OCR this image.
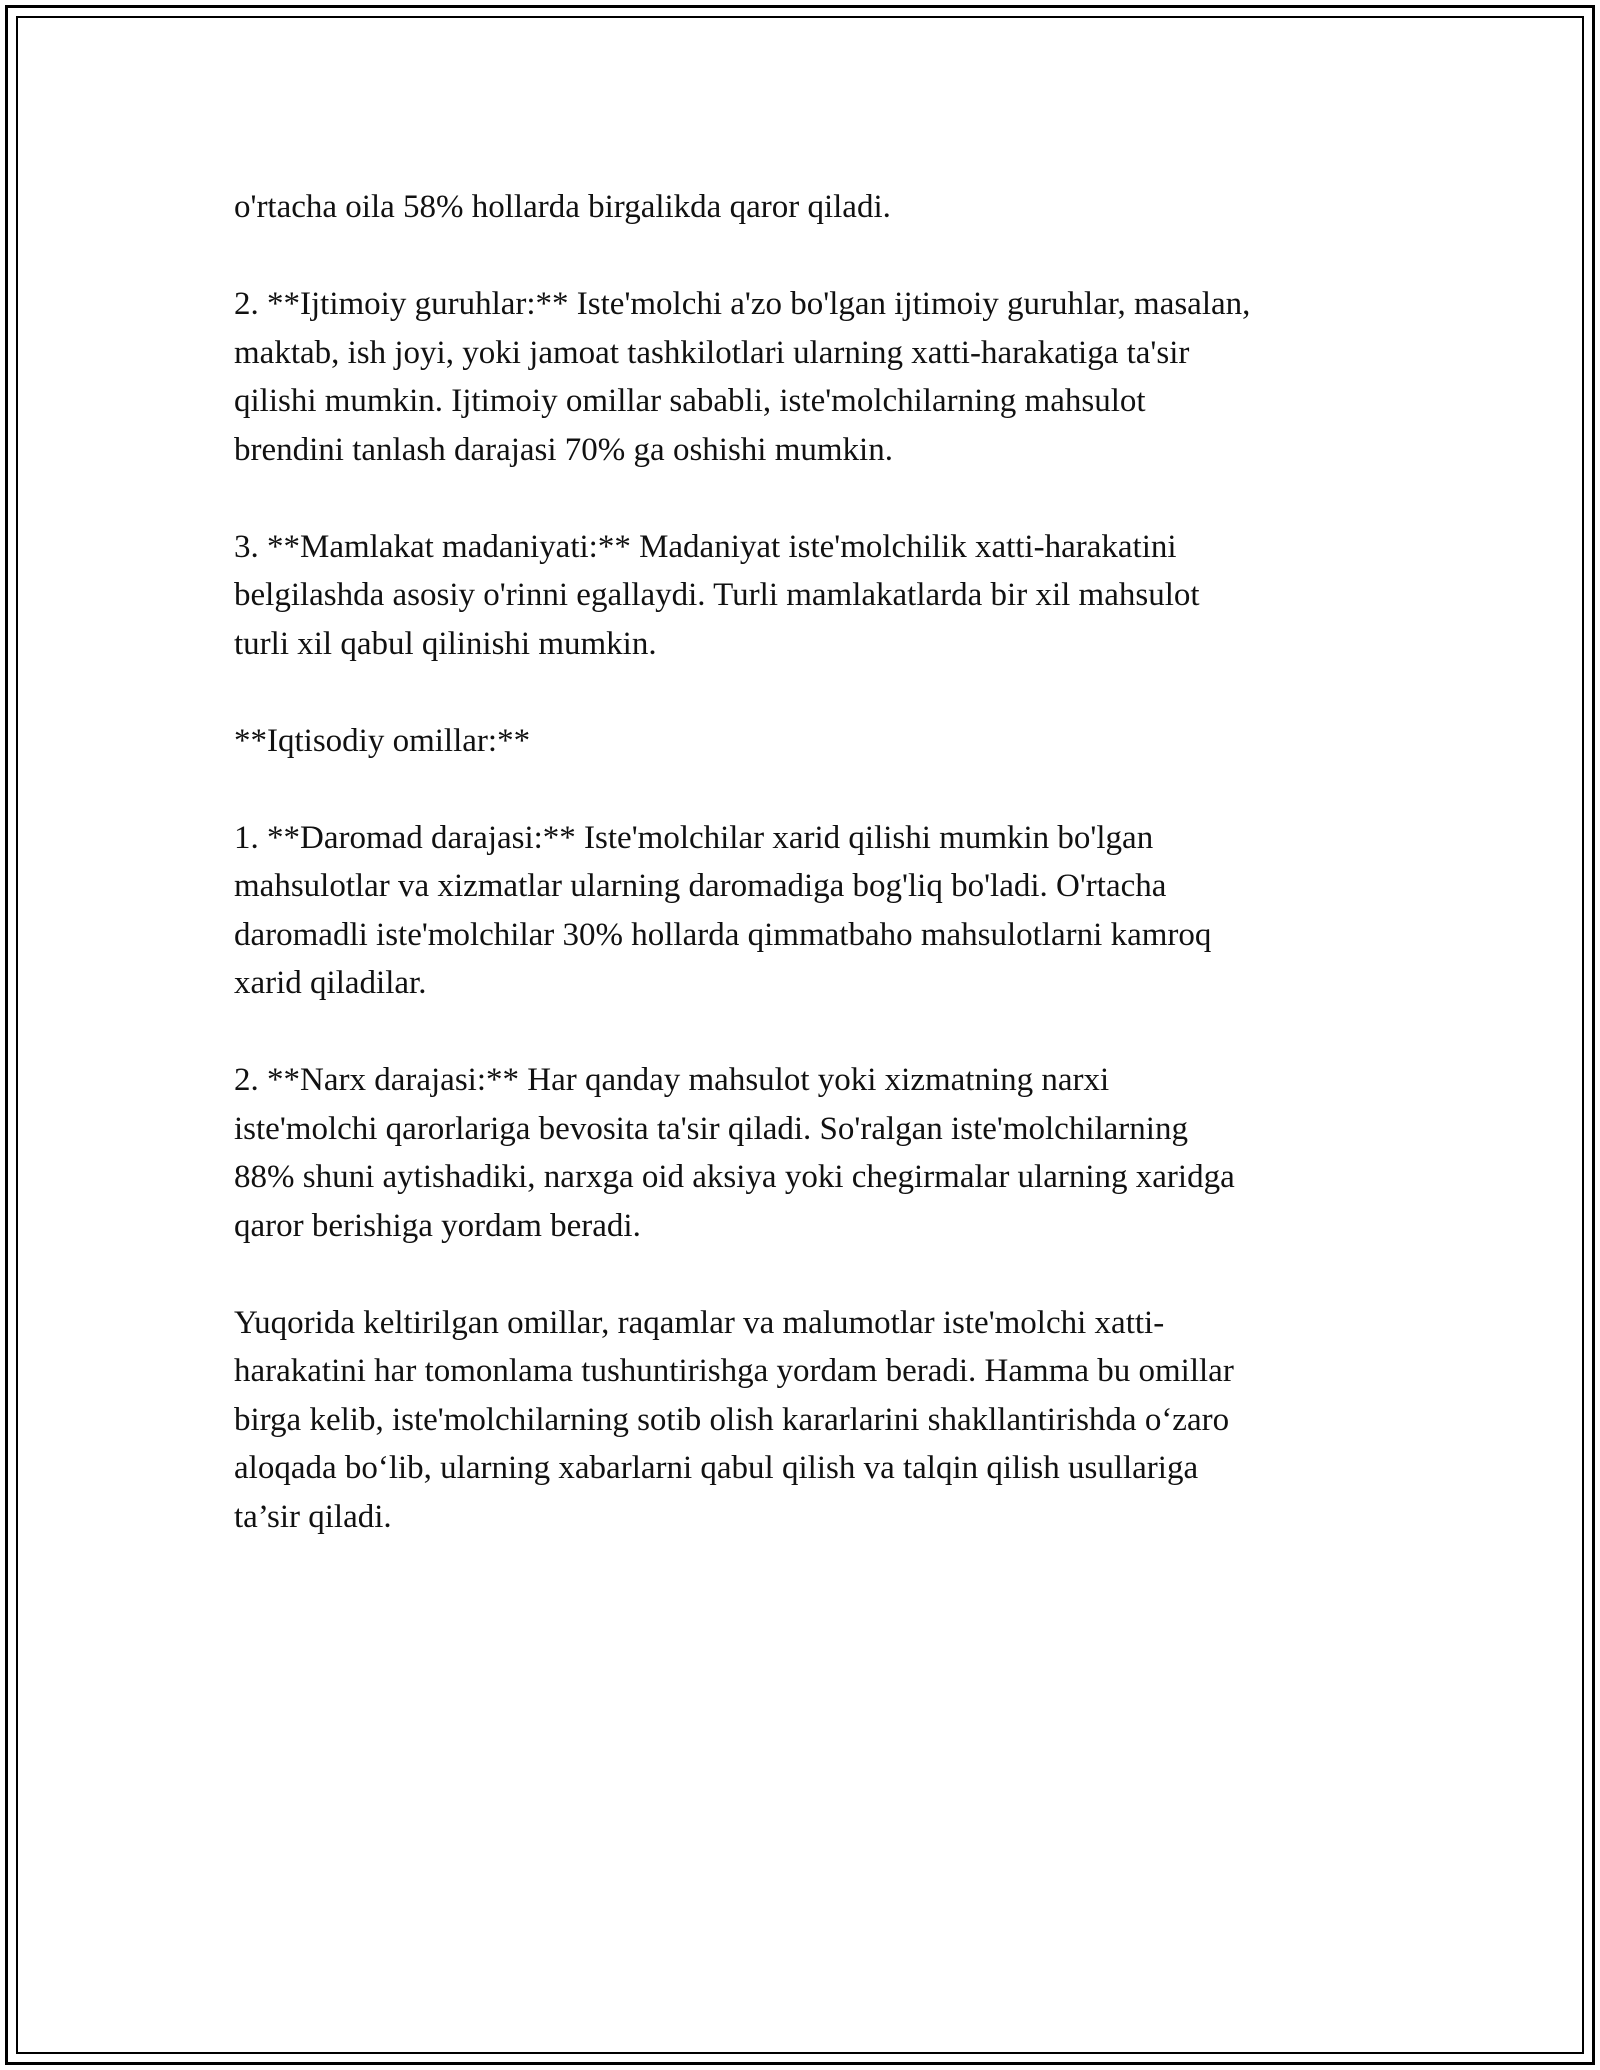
o'rtacha oila 58% hollarda birgalikda qaror qiladi.

2. **Ijtimoiy guruhlar:** Iste'molchi a'zo bo'lgan ijtimoiy guruhlar, masalan,
maktab, ish joyi, yoki jamoat tashkilotlari ularning xatti-harakatiga ta'sir
qilishi mumkin. Ijtimoiy omillar sababli, iste'molchilarning mahsulot
brendini tanlash darajasi 70% ga oshishi mumkin.

3. **Mamlakat madaniyati:** Madaniyat iste'molchilik xatti-harakatini
belgilashda asosiy o'rinni egallaydi. Turli mamlakatlarda bir xil mahsulot
turli xil qabul qilinishi mumkin.

**Iqtisodiy omillar:**

1. **Daromad darajasi:** Iste'molchilar xarid qilishi mumkin bo'lgan
mahsulotlar va xizmatlar ularning daromadiga bog'liq bo'ladi. O'rtacha
daromadli iste'molchilar 30% hollarda qimmatbaho mahsulotlarni kamroq
xarid qiladilar.

2. **Narx darajasi:** Har qanday mahsulot yoki xizmatning narxi
iste'molchi qarorlariga bevosita ta'sir qiladi. So'ralgan iste'molchilarning
88% shuni aytishadiki, narxga oid aksiya yoki chegirmalar ularning xaridga
qaror berishiga yordam beradi.

Yuqorida keltirilgan omillar, raqamlar va malumotlar iste'molchi xatti-
harakatini har tomonlama tushuntirishga yordam beradi. Hamma bu omillar
birga kelib, iste'molchilarning sotib olish kararlarini shakllantirishda o‘zaro
aloqada bo‘lib, ularning xabarlarni qabul qilish va talqin qilish usullariga
ta’sir qiladi.
